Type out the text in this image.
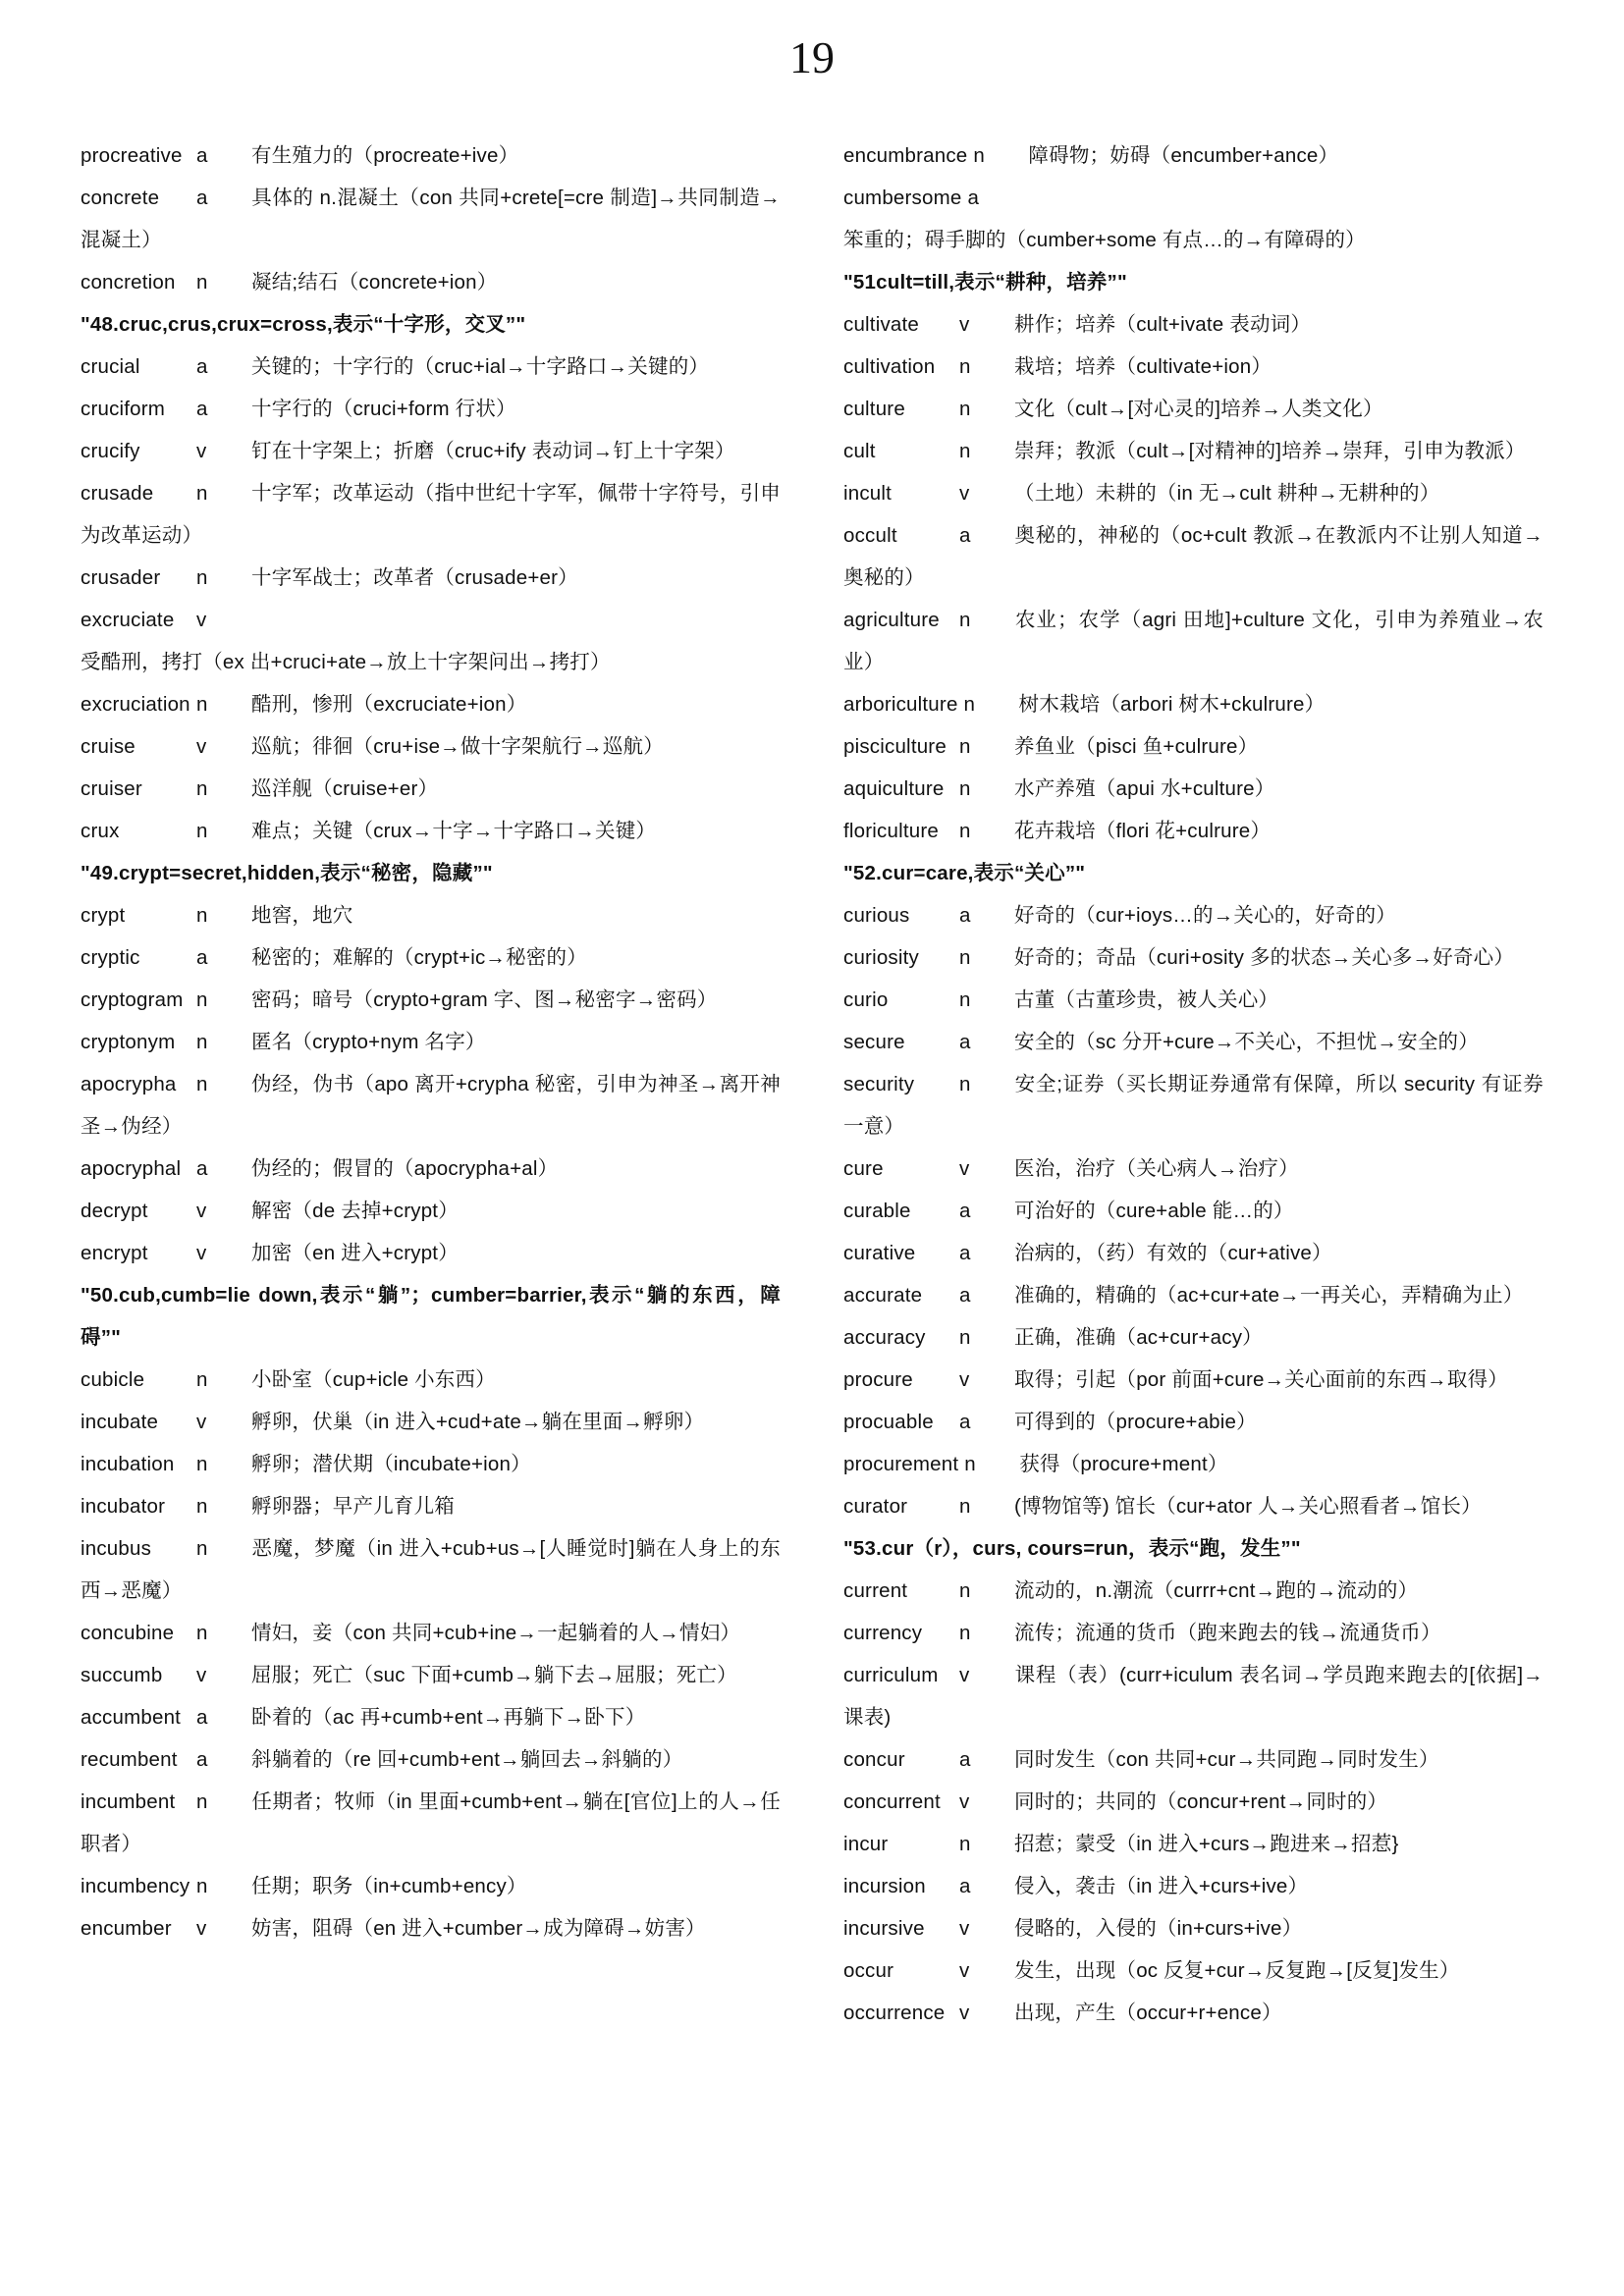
19

procreative a 有生殖力的（procreate+ive）

concrete a 具体的 n.混凝土（con 共同+crete[=cre 制造]→共同制造→混凝土）

concretion n 凝结;结石（concrete+ion）

"48.cruc,crus,crux=cross,表示“十字形，交叉”"

crucial	a 关键的；十字行的（cruc+ial→十字路口→关键的）

cruciform a 十字行的（cruci+form 行状）

crucify	v 钉在十字架上；折磨（cruc+ify 表动词→钉上十字架）

crusade n 十字军；改革运动（指中世纪十字军，佩带十字符号，引申为改革运动）

crusader n 十字军战士；改革者（crusade+er）

excruciate v受酷刑，拷打（ex 出+cruci+ate→放上十字架问出→拷打）

excruciation n 酷刑，惨刑（excruciate+ion）

cruise	v 巡航；徘徊（cru+ise→做十字架航行→巡航）

cruiser	n 巡洋舰（cruise+er）

crux	n 难点；关键（crux→十字→十字路口→关键）

"49.crypt=secret,hidden,表示“秘密，隐藏”"

crypt	n 地窖，地穴

cryptic	a 秘密的；难解的（crypt+ic→秘密的）

cryptogram n 密码；暗号（crypto+gram 字、图→秘密字→密码）

cryptonym n 匿名（crypto+nym 名字）

apocrypha n 伪经，伪书（apo 离开+crypha 秘密，引申为神圣→离开神圣→伪经）

apocryphal a 伪经的；假冒的（apocrypha+al）

decrypt v 解密（de 去掉+crypt）

encrypt v 加密（en 进入+crypt）

"50.cub,cumb=lie down,表示“躺”；cumber=barrier,表示“躺的东西，障碍”"

cubicle	n 小卧室（cup+icle 小东西）

incubate v 孵卵，伏巢（in 进入+cud+ate→躺在里面→孵卵）

incubation n 孵卵；潜伏期（incubate+ion）

incubator n 孵卵器；早产儿育儿箱

incubus n 恶魔，梦魔（in 进入+cub+us→[人睡觉时]躺在人身上的东西→恶魔）

concubine n 情妇，妾（con 共同+cub+ine→一起躺着的人→情妇）

succumb v 屈服；死亡（suc 下面+cumb→躺下去→屈服；死亡）

accumbent a 卧着的（ac 再+cumb+ent→再躺下→卧下）

recumbent a 斜躺着的（re 回+cumb+ent→躺回去→斜躺的）

incumbent n 任期者；牧师（in 里面+cumb+ent→躺在[官位]上的人→任职者）

incumbency n 任期；职务（in+cumb+ency）

encumber v 妨害，阻碍（en 进入+cumber→成为障碍→妨害）

encumbrance n 障碍物；妨碍（encumber+ance）

cumbersome a笨重的；碍手脚的（cumber+some 有点…的→有障碍的）

"51cult=till,表示“耕种，培养”"

cultivate v 耕作；培养（cult+ivate 表动词）

cultivation n 栽培；培养（cultivate+ion）

culture	n 文化（cult→[对心灵的]培养→人类文化）

cult	n 崇拜；教派（cult→[对精神的]培养→崇拜，引申为教派）

incult	v （土地）未耕的（in 无→cult 耕种→无耕种的）

occult	a 奥秘的，神秘的（oc+cult 教派→在教派内不让别人知道→奥秘的）

agriculture n 农业；农学（agri 田地]+culture 文化，引申为养殖业→农业）

arboriculture n 树木栽培（arbori 树木+ckulrure）

pisciculture n 养鱼业（pisci 鱼+culrure）

aquiculture n 水产养殖（apui 水+culture）

floriculture n 花卉栽培（flori 花+culrure）

"52.cur=care,表示“关心”"

curious a 好奇的（cur+ioys…的→关心的，好奇的）

curiosity n 好奇的；奇品（curi+osity 多的状态→关心多→好奇心）

curio	n 古董（古董珍贵，被人关心）

secure	a 安全的（sc 分开+cure→不关心，不担忧→安全的）

security n 安全;证券（买长期证券通常有保障，所以 security 有证券一意）

cure	v 医治，治疗（关心病人→治疗）

curable a 可治好的（cure+able 能…的）

curative a 治病的，（药）有效的（cur+ative）

accurate a 准确的，精确的（ac+cur+ate→一再关心，弄精确为止）

accuracy n 正确，准确（ac+cur+acy）

procure v 取得；引起（por 前面+cure→关心面前的东西→取得）

procuable a 可得到的（procure+abie）

procurement n 获得（procure+ment）

curator	n (博物馆等) 馆长（cur+ator 人→关心照看者→馆长）

"53.cur（r），curs, cours=run，表示“跑，发生”"

current	n 流动的，n.潮流（currr+cnt→跑的→流动的）

currency n 流传；流通的货币（跑来跑去的钱→流通货币）

curriculum v 课程（表）(curr+iculum 表名词→学员跑来跑去的[依据]→课表)

concur	a 同时发生（con 共同+cur→共同跑→同时发生）

concurrent v 同时的；共同的（concur+rent→同时的）

incur	n 招惹；蒙受（in 进入+curs→跑进来→招惹}

incursion a 侵入，袭击（in 进入+curs+ive）

incursive v 侵略的，入侵的（in+curs+ive）

occur	v 发生，出现（oc 反复+cur→反复跑→[反复]发生）

occurrence v 出现，产生（occur+r+ence）
